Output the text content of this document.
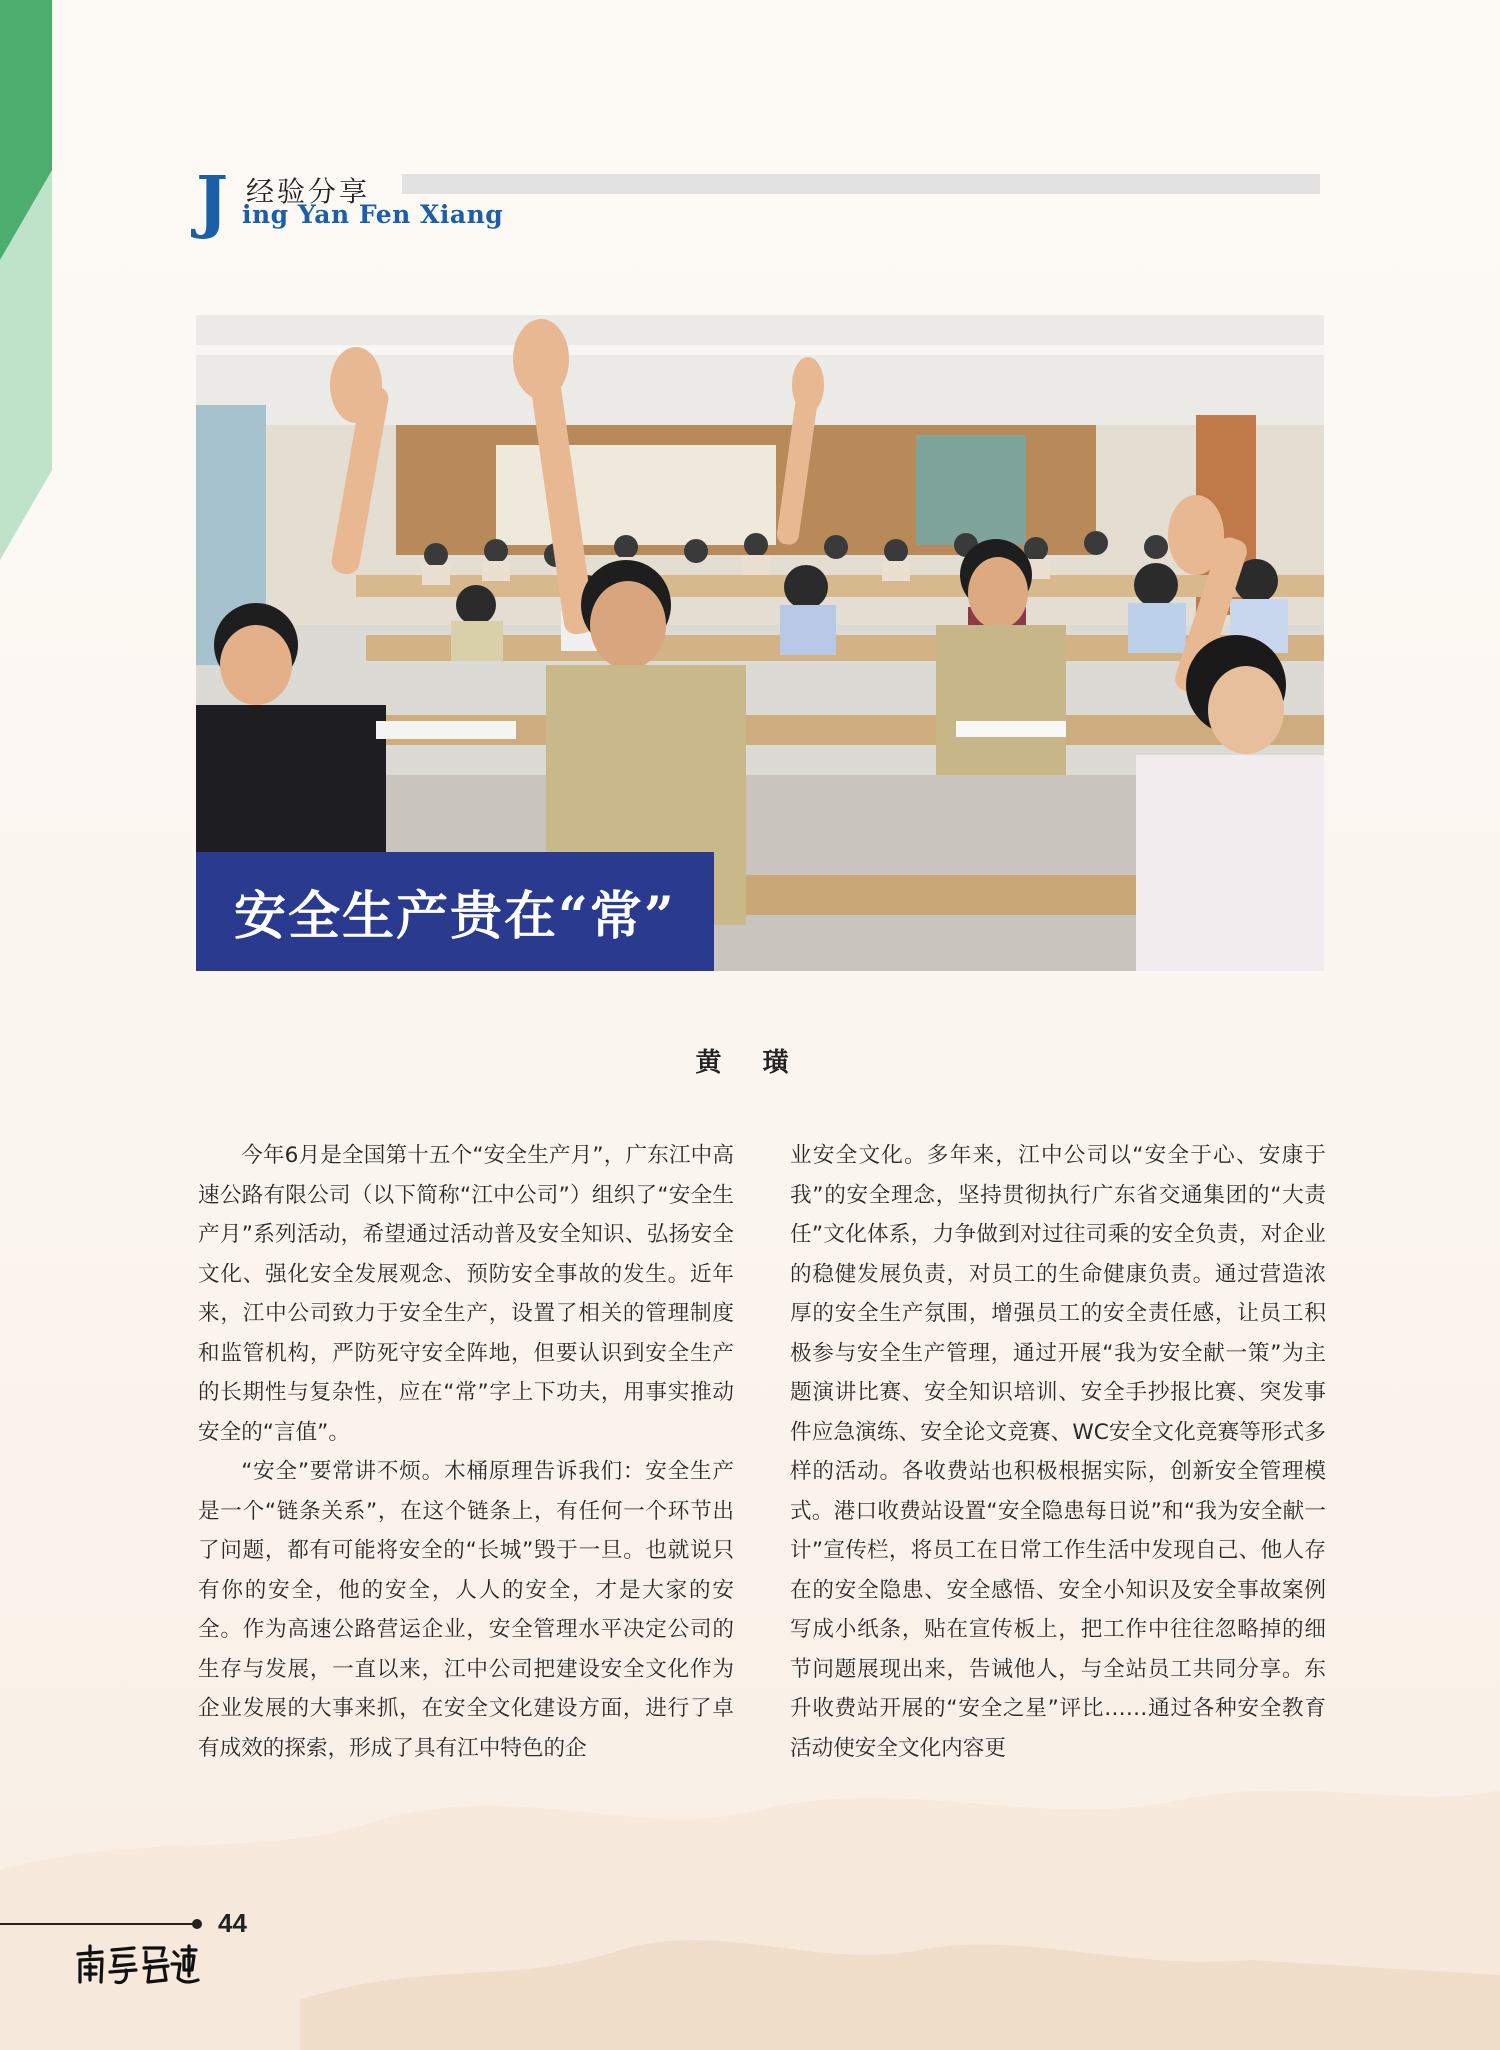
J 经验分享
ing Yan Fen Xiang
安全生产贵在“常”
黄 璜

今年6月是全国第十五个“安全生产月”，广东江中高速公路有限公司（以下简称“江中公司”）组织了“安全生产月”系列活动，希望通过活动普及安全知识、弘扬安全文化、强化安全发展观念、预防安全事故的发生。近年来，江中公司致力于安全生产，设置了相关的管理制度和监管机构，严防死守安全阵地，但要认识到安全生产的长期性与复杂性，应在“常”字上下功夫，用事实推动安全的“言值”。

“安全”要常讲不烦。木桶原理告诉我们：安全生产是一个“链条关系”，在这个链条上，有任何一个环节出了问题，都有可能将安全的“长城”毁于一旦。也就说只有你的安全，他的安全，人人的安全，才是大家的安全。作为高速公路营运企业，安全管理水平决定公司的生存与发展，一直以来，江中公司把建设安全文化作为企业发展的大事来抓，在安全文化建设方面，进行了卓有成效的探索，形成了具有江中特色的企

业安全文化。多年来，江中公司以“安全于心、安康于我”的安全理念，坚持贯彻执行广东省交通集团的“大责任”文化体系，力争做到对过往司乘的安全负责，对企业的稳健发展负责，对员工的生命健康负责。通过营造浓厚的安全生产氛围，增强员工的安全责任感，让员工积极参与安全生产管理，通过开展“我为安全献一策”为主题演讲比赛、安全知识培训、安全手抄报比赛、突发事件应急演练、安全论文竞赛、WC安全文化竞赛等形式多样的活动。各收费站也积极根据实际，创新安全管理模式。港口收费站设置“安全隐患每日说”和“我为安全献一计”宣传栏，将员工在日常工作生活中发现自己、他人存在的安全隐患、安全感悟、安全小知识及安全事故案例写成小纸条，贴在宣传板上，把工作中往往忽略掉的细节问题展现出来，告诫他人，与全站员工共同分享。东升收费站开展的“安全之星”评比……通过各种安全教育活动使安全文化内容更

44
